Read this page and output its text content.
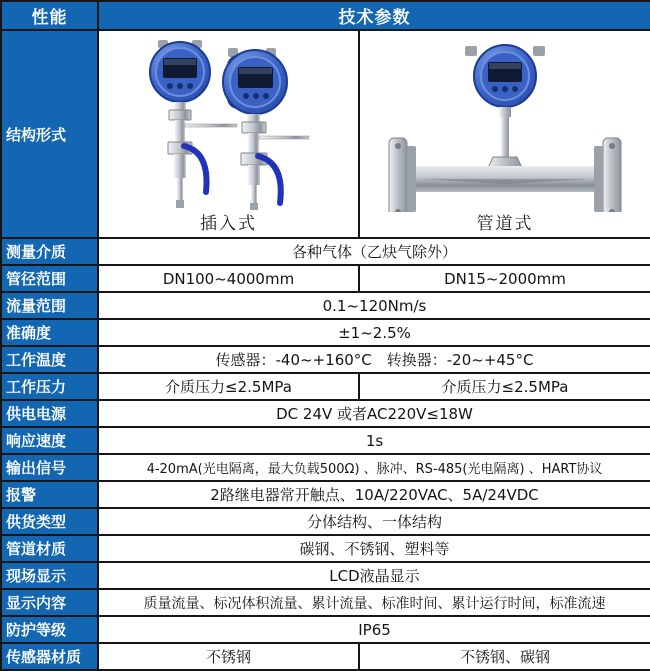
性能	技术参数	
结构形式	插入式	管道式

测量介质	各种气体（乙炔气除外）	
管径范围	DN100~4000mm	DN15~2000mm
流量范围	0.1~120Nm/s	
准确度	±1~2.5%	
工作温度	传感器：-40~+160°C　转换器：-20~+45°C	
工作压力	介质压力≤2.5MPa	介质压力≤2.5MPa
供电电源	DC 24V 或者AC220V≤18W	
响应速度	1s	
输出信号	4-20mA(光电隔离，最大负载500Ω) 、脉冲、RS-485(光电隔离) 、HART协议	
报警	2路继电器常开触点、10A/220VAC、5A/24VDC	
供货类型	分体结构、一体结构	
管道材质	碳钢、不锈钢、塑料等	
现场显示	LCD液晶显示	
显示内容	质量流量、标况体积流量、累计流量、标准时间、累计运行时间，标准流速	
防护等级	IP65	
传感器材质	不锈钢	不锈钢、碳钢
